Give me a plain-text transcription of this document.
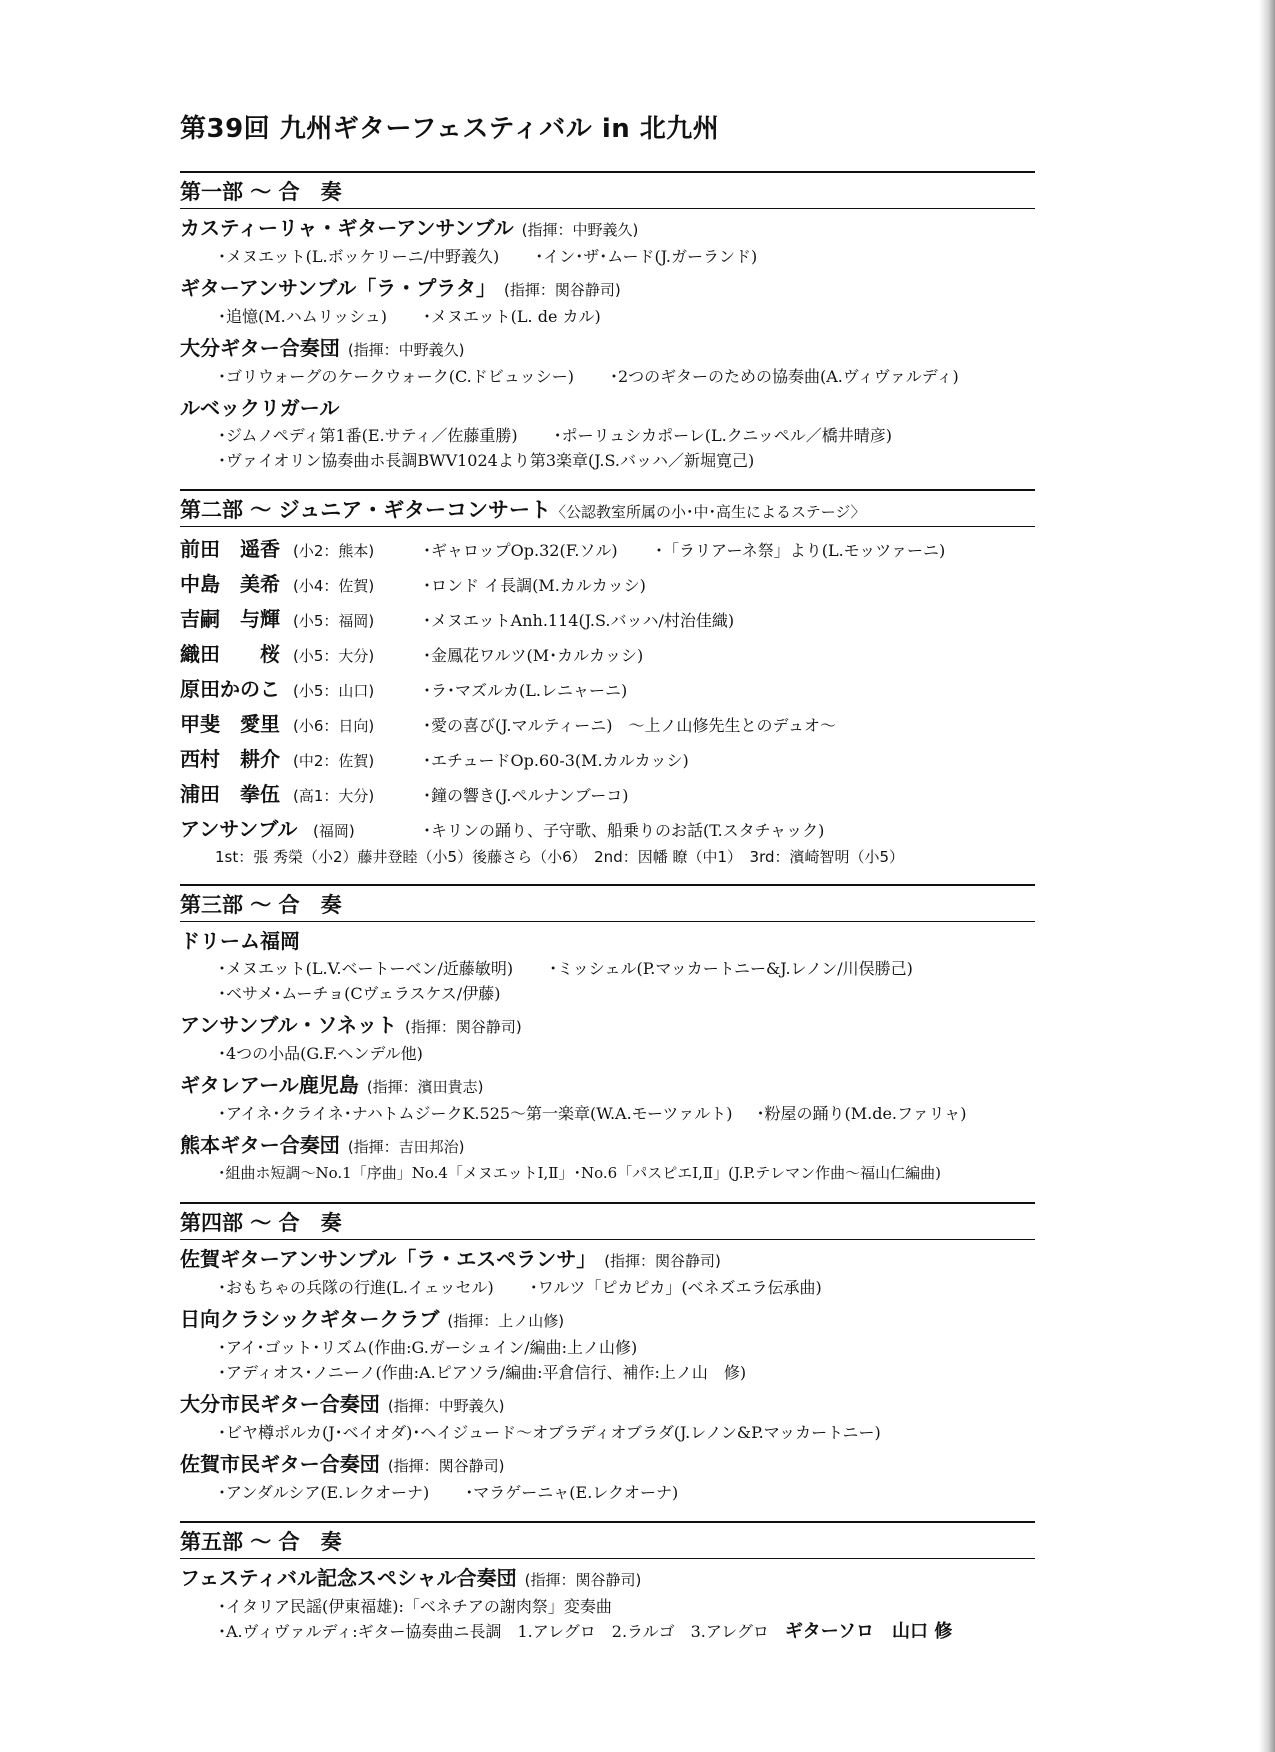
第39回 九州ギターフェスティバル in 北九州
第一部 ～ 合　奏
カスティーリャ・ギターアンサンブル (指揮：中野義久)
･メヌエット(L.ボッケリーニ/中野義久) ･イン･ザ･ムード(J.ガーランド)
ギターアンサンブル「ラ・プラタ」 (指揮：関谷静司)
･追憶(M.ハムリッシュ) ･メヌエット(L. de カル)
大分ギター合奏団 (指揮：中野義久)
･ゴリウォーグのケークウォーク(C.ドビュッシー) ･2つのギターのための協奏曲(A.ヴィヴァルディ)
ルベックリガール
･ジムノペディ第1番(E.サティ／佐藤重勝) ･ポーリュシカポーレ(L.クニッペル／橋井晴彦)
･ヴァイオリン協奏曲ホ長調BWV1024より第3楽章(J.S.バッハ／新堀寛己)
第二部 ～ ジュニア・ギターコンサート〈公認教室所属の小･中･高生によるステージ〉
前田　遥香 (小2：熊本)	･ギャロップOp.32(F.ソル) ･「ラリアーネ祭」より(L.モッツァーニ)
中島　美希 (小4：佐賀)	･ロンド イ長調(M.カルカッシ)
吉嗣　与輝 (小5：福岡)	･メヌエットAnh.114(J.S.バッハ/村治佳織)
織田　　桜 (小5：大分)	･金鳳花ワルツ(M･カルカッシ)
原田かのこ (小5：山口)	･ラ･マズルカ(L.レニャーニ)
甲斐　愛里 (小6：日向)	･愛の喜び(J.マルティーニ)　～上ノ山修先生とのデュオ～
西村　耕介 (中2：佐賀)	･エチュードOp.60-3(M.カルカッシ)
浦田　拳伍 (高1：大分)	･鐘の響き(J.ペルナンブーコ)
アンサンブル (福岡)	･キリンの踊り、子守歌、船乗りのお話(T.スタチャック)
1st：張 秀榮（小2）藤井登睦（小5）後藤さら（小6）　2nd：因幡 瞭（中1）　3rd：濱崎智明（小5）
第三部 ～ 合　奏
ドリーム福岡
･メヌエット(L.V.ベートーベン/近藤敏明) ･ミッシェル(P.マッカートニー&J.レノン/川俣勝己)
･ベサメ･ムーチョ(Cヴェラスケス/伊藤)
アンサンブル・ソネット (指揮：関谷静司)
･4つの小品(G.F.ヘンデル他)
ギタレアール鹿児島 (指揮：濱田貴志)
･アイネ･クライネ･ナハトムジークK.525～第一楽章(W.A.モーツァルト) ･粉屋の踊り(M.de.ファリャ)
熊本ギター合奏団 (指揮：吉田邦治)
･組曲ホ短調～No.1「序曲」No.4「メヌエットⅠ,Ⅱ」･No.6「パスピエⅠ,Ⅱ」(J.P.テレマン作曲～福山仁編曲)
第四部 ～ 合　奏
佐賀ギターアンサンブル「ラ・エスペランサ」 (指揮：関谷静司)
･おもちゃの兵隊の行進(L.イェッセル) ･ワルツ「ピカピカ」(ベネズエラ伝承曲)
日向クラシックギタークラブ (指揮：上ノ山修)
･アイ･ゴット･リズム(作曲:G.ガーシュイン/編曲:上ノ山修)
･アディオス･ノニーノ(作曲:A.ピアソラ/編曲:平倉信行、補作:上ノ山　修)
大分市民ギター合奏団 (指揮：中野義久)
･ビヤ樽ポルカ(J･ベイオダ)･ヘイジュード～オブラディオブラダ(J.レノン&P.マッカートニー)
佐賀市民ギター合奏団 (指揮：関谷静司)
･アンダルシア(E.レクオーナ) ･マラゲーニャ(E.レクオーナ)
第五部 ～ 合　奏
フェスティバル記念スペシャル合奏団 (指揮：関谷静司)
･イタリア民謡(伊東福雄):「ベネチアの謝肉祭」変奏曲
･A.ヴィヴァルディ:ギター協奏曲ニ長調　1.アレグロ　2.ラルゴ　3.アレグロ ギターソロ　山口 修
